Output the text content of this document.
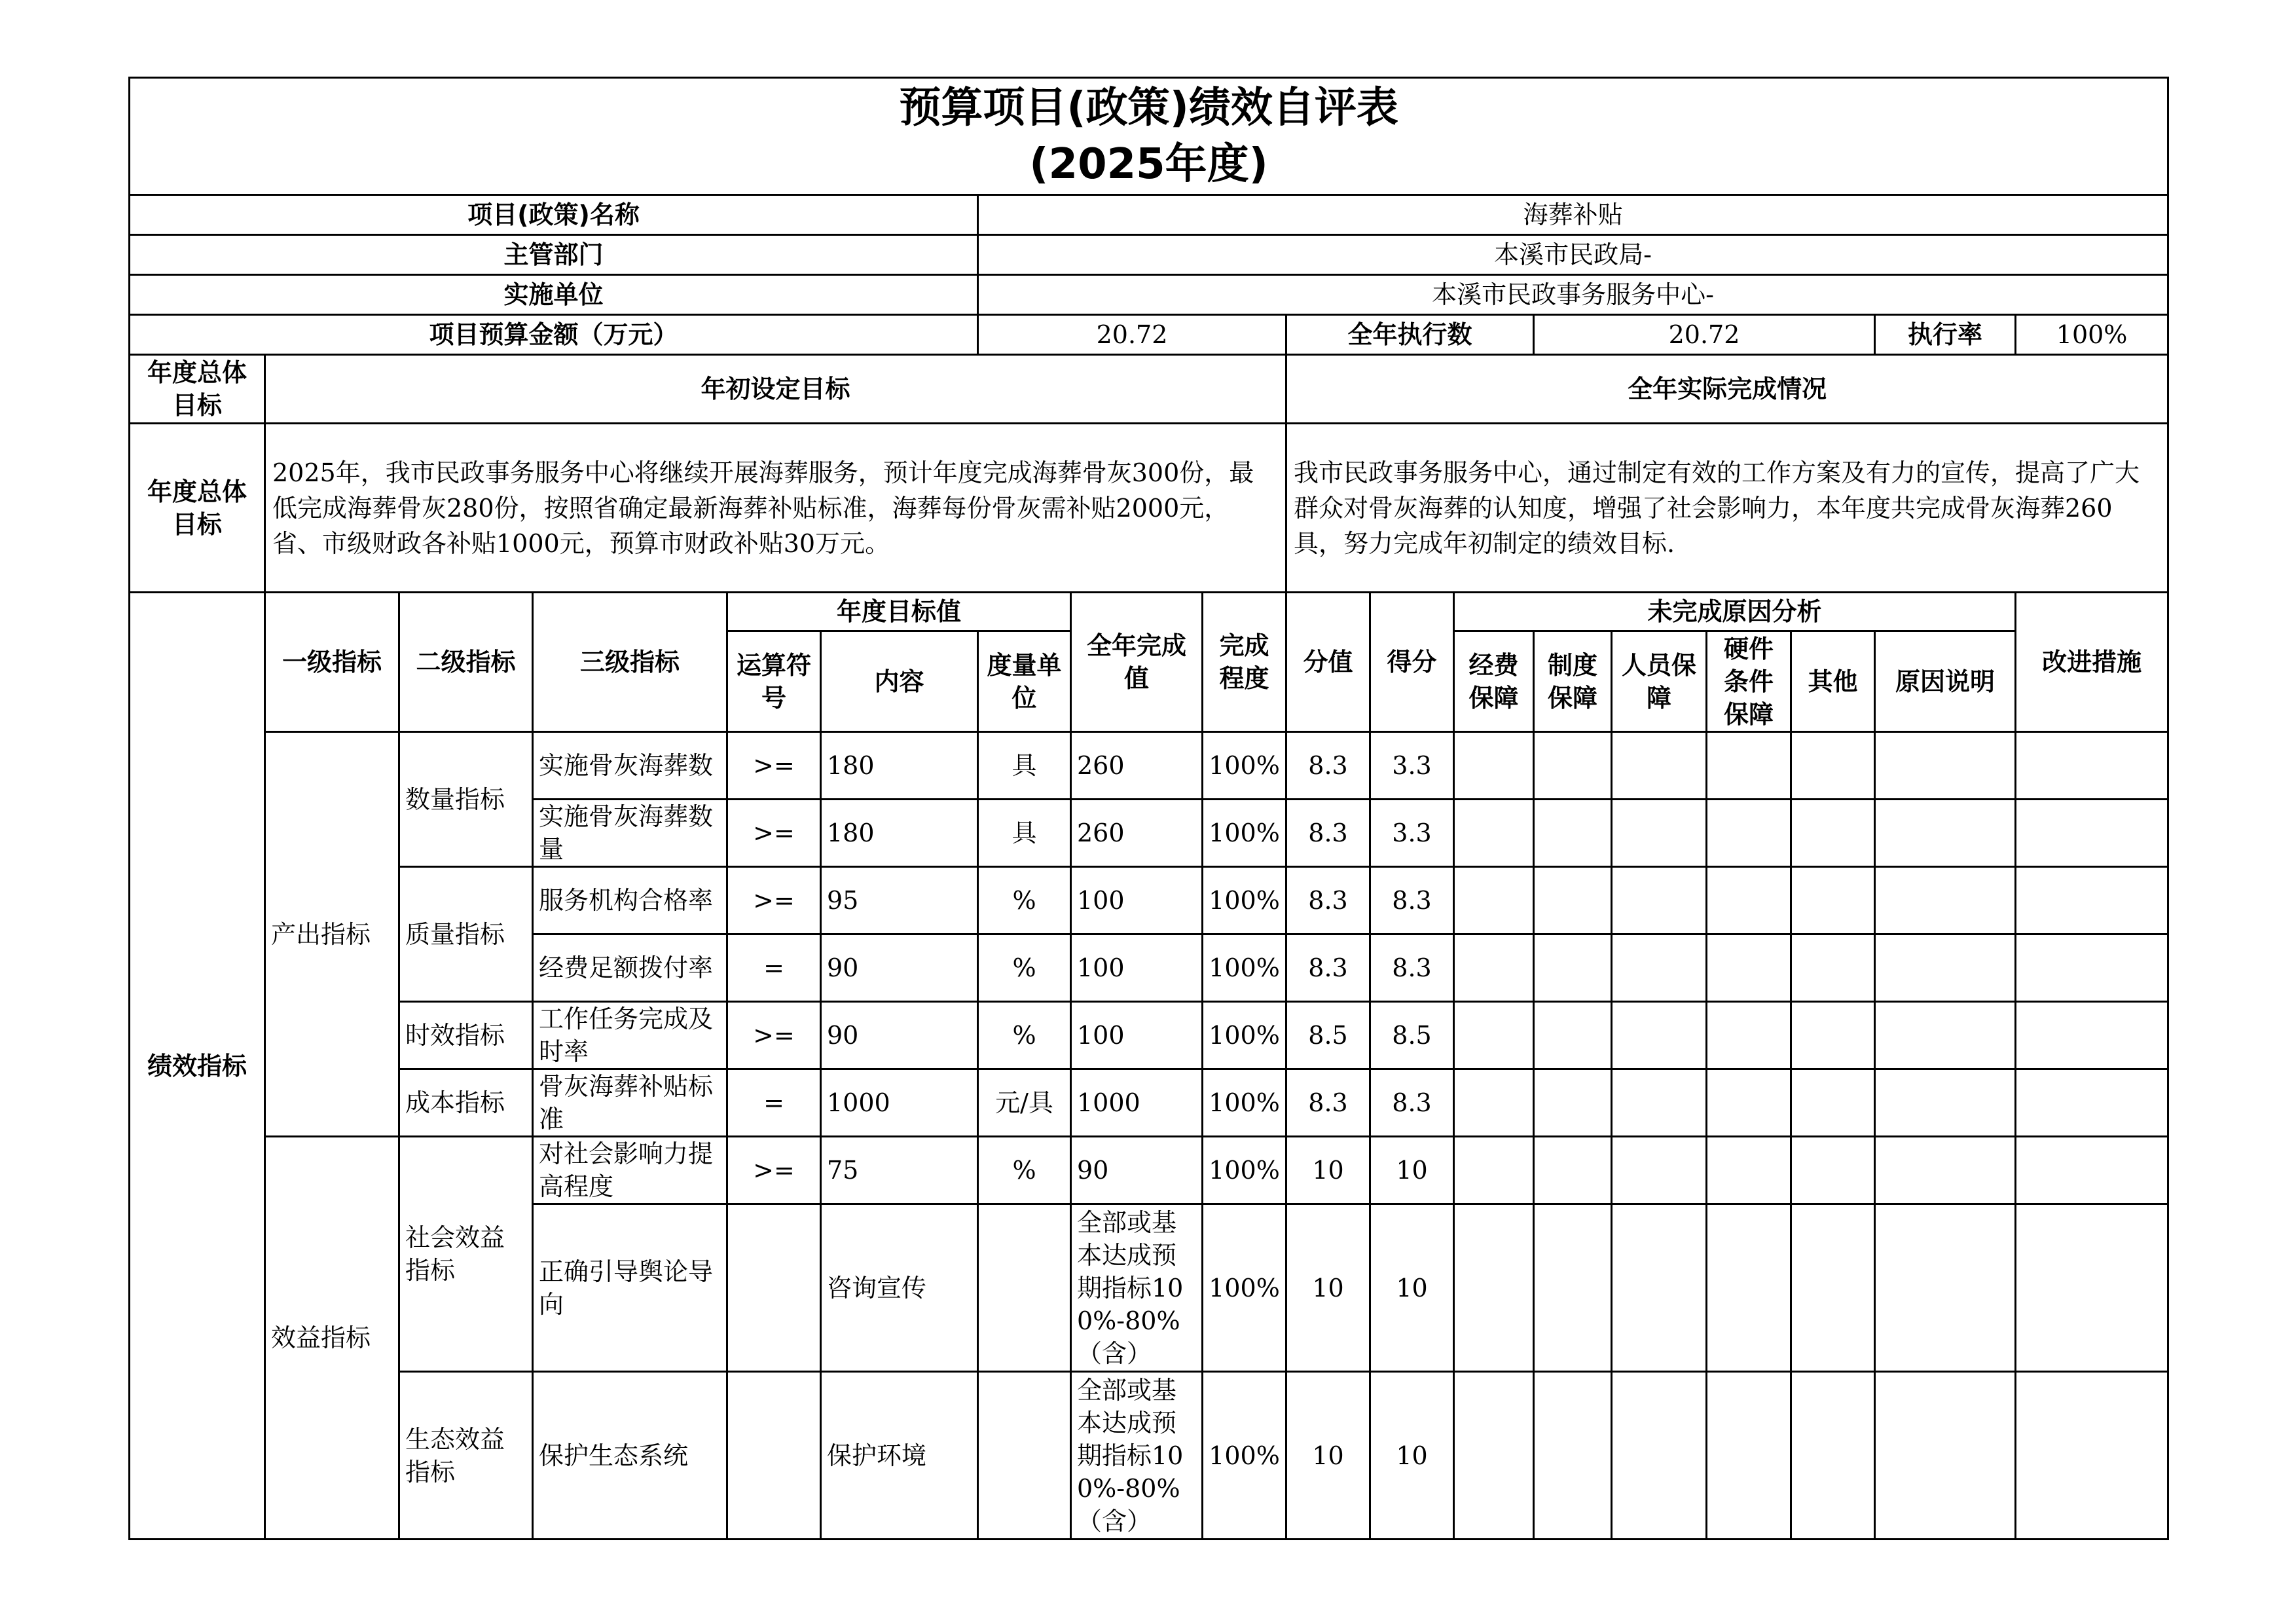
预算项目(政策)绩效自评表
(2025年度)																	

项目(政策)名称						海葬补贴											
主管部门						本溪市民政局-											
实施单位						本溪市民政事务服务中心-											
项目预算金额（万元）						20.72			全年执行数			20.72				执行率	100%
年度总体目标	年初设定目标								全年实际完成情况								
年度总体目标	2025年，我市民政事务服务中心将继续开展海葬服务，预计年度完成海葬骨灰300份，最低完成海葬骨灰280份，按照省确定最新海葬补贴标准，海葬每份骨灰需补贴2000元，省、市级财政各补贴1000元，预算市财政补贴30万元。								我市民政事务服务中心，通过制定有效的工作方案及有力的宣传，提高了广大群众对骨灰海葬的认知度，增强了社会影响力，本年度共完成骨灰海葬260具，努力完成年初制定的绩效目标.								
绩效指标	一级指标	二级指标	三级指标	年度目标值			全年完成值	完成程度	分值	得分	未完成原因分析						改进措施
				运算符号	内容	度量单位					经费保障	制度保障	人员保障	硬件条件保障	其他	原因说明	
	产出指标	数量指标	实施骨灰海葬数	>=	180	具	260	100%	8.3	3.3							
			实施骨灰海葬数量	>=	180	具	260	100%	8.3	3.3							
		质量指标	服务机构合格率	>=	95	%	100	100%	8.3	8.3							
			经费足额拨付率	=	90	%	100	100%	8.3	8.3							
		时效指标	工作任务完成及时率	>=	90	%	100	100%	8.5	8.5							
		成本指标	骨灰海葬补贴标准	=	1000	元/具	1000	100%	8.3	8.3							
	效益指标	社会效益指标	对社会影响力提高程度	>=	75	%	90	100%	10	10							
			正确引导舆论导向		咨询宣传		全部或基本达成预期指标100%-80%（含）	100%	10	10							
		生态效益指标	保护生态系统		保护环境		全部或基本达成预期指标100%-80%（含）	100%	10	10							
